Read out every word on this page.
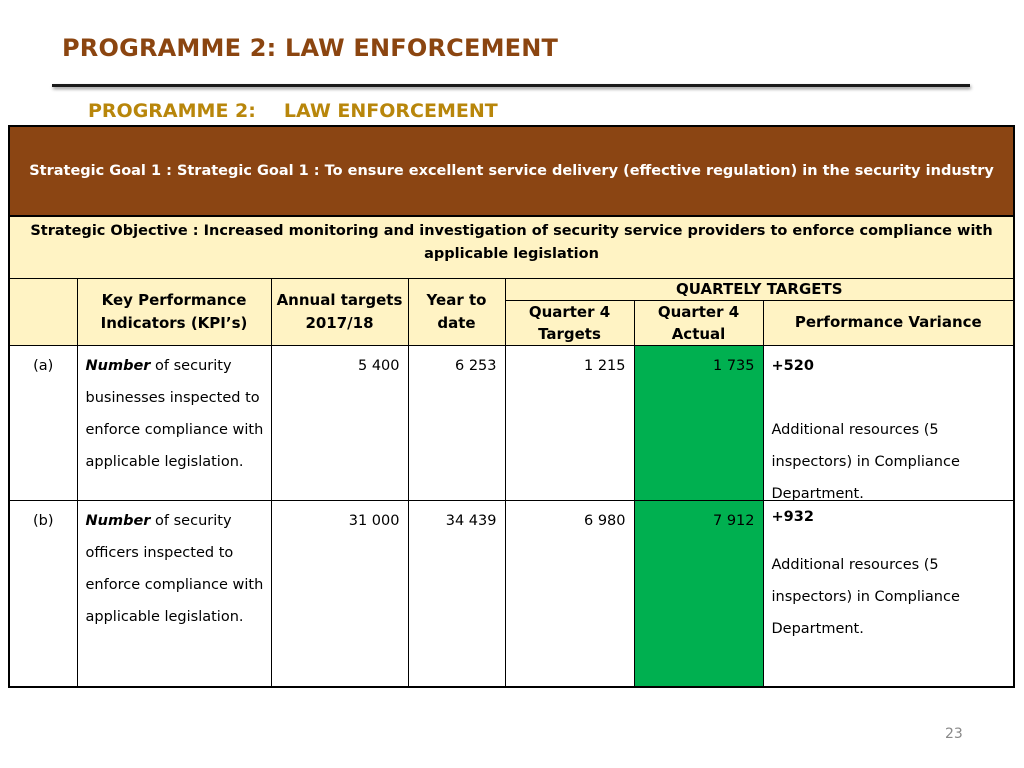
PROGRAMME 2: LAW ENFORCEMENT
PROGRAMME 2: LAW ENFORCEMENT
Strategic Goal 1 : Strategic Goal 1 : To ensure excellent service delivery (effective regulation) in the security industry						
Strategic Objective : Increased monitoring and investigation of security service providers to enforce compliance with applicable legislation						
	Key Performance Indicators (KPI’s)	Annual targets 2017/18	Year to date	QUARTELY TARGETS		
				Quarter 4 Targets	Quarter 4 Actual	Performance Variance
(a)	Number of security businesses inspected to enforce compliance with applicable legislation.	5 400	6 253	1 215	1 735	+520
Additional resources (5 inspectors) in Compliance Department.

(b)	Number of security officers inspected to enforce compliance with applicable legislation.	31 000	34 439	6 980	7 912	+932
Additional resources (5 inspectors) in Compliance Department.
23
